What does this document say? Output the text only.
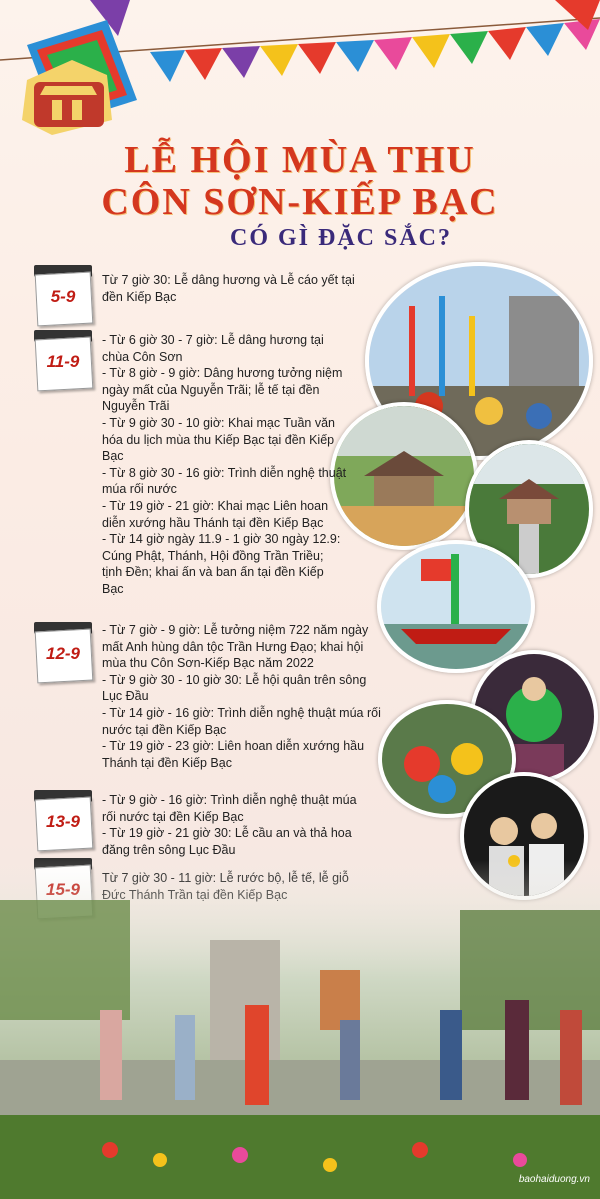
LỄ HỘI MÙA THU
CÔN SƠN-KIẾP BẠC
CÓ GÌ ĐẶC SẮC?
5-9
Từ 7 giờ 30: Lễ dâng hương và Lễ cáo yết tại đền Kiếp Bạc
11-9
- Từ 6 giờ 30 - 7 giờ: Lễ dâng hương tại chùa Côn Sơn
- Từ 8 giờ - 9 giờ: Dâng hương tưởng niệm ngày mất của Nguyễn Trãi; lễ tế tại đền Nguyễn Trãi
- Từ 9 giờ 30 - 10 giờ: Khai mạc Tuần văn hóa du lịch mùa thu Kiếp Bạc tại đền Kiếp Bạc
- Từ 8 giờ 30 - 16 giờ: Trình diễn nghệ thuật múa rối nước
- Từ 19 giờ - 21 giờ: Khai mạc Liên hoan diễn xướng hầu Thánh tại đền Kiếp Bạc
- Từ 14 giờ ngày 11.9 - 1 giờ 30 ngày 12.9: Cúng Phật, Thánh, Hội đồng Trần Triều; tịnh Đền; khai ấn và ban ấn tại đền Kiếp Bạc
12-9
- Từ 7 giờ - 9 giờ: Lễ tưởng niệm 722 năm ngày mất Anh hùng dân tộc Trần Hưng Đạo; khai hội mùa thu Côn Sơn-Kiếp Bạc năm 2022
- Từ 9 giờ 30 - 10 giờ 30: Lễ hội quân trên sông Lục Đầu
- Từ 14 giờ - 16 giờ: Trình diễn nghệ thuật múa rối nước tại đền Kiếp Bạc
- Từ 19 giờ - 23 giờ: Liên hoan diễn xướng hầu Thánh tại đền Kiếp Bạc
13-9
- Từ 9 giờ - 16 giờ: Trình diễn nghệ thuật múa rối nước tại đền Kiếp Bạc
- Từ 19 giờ - 21 giờ 30: Lễ cầu an và thả hoa đăng trên sông Lục Đầu
baohaiduong.vn
